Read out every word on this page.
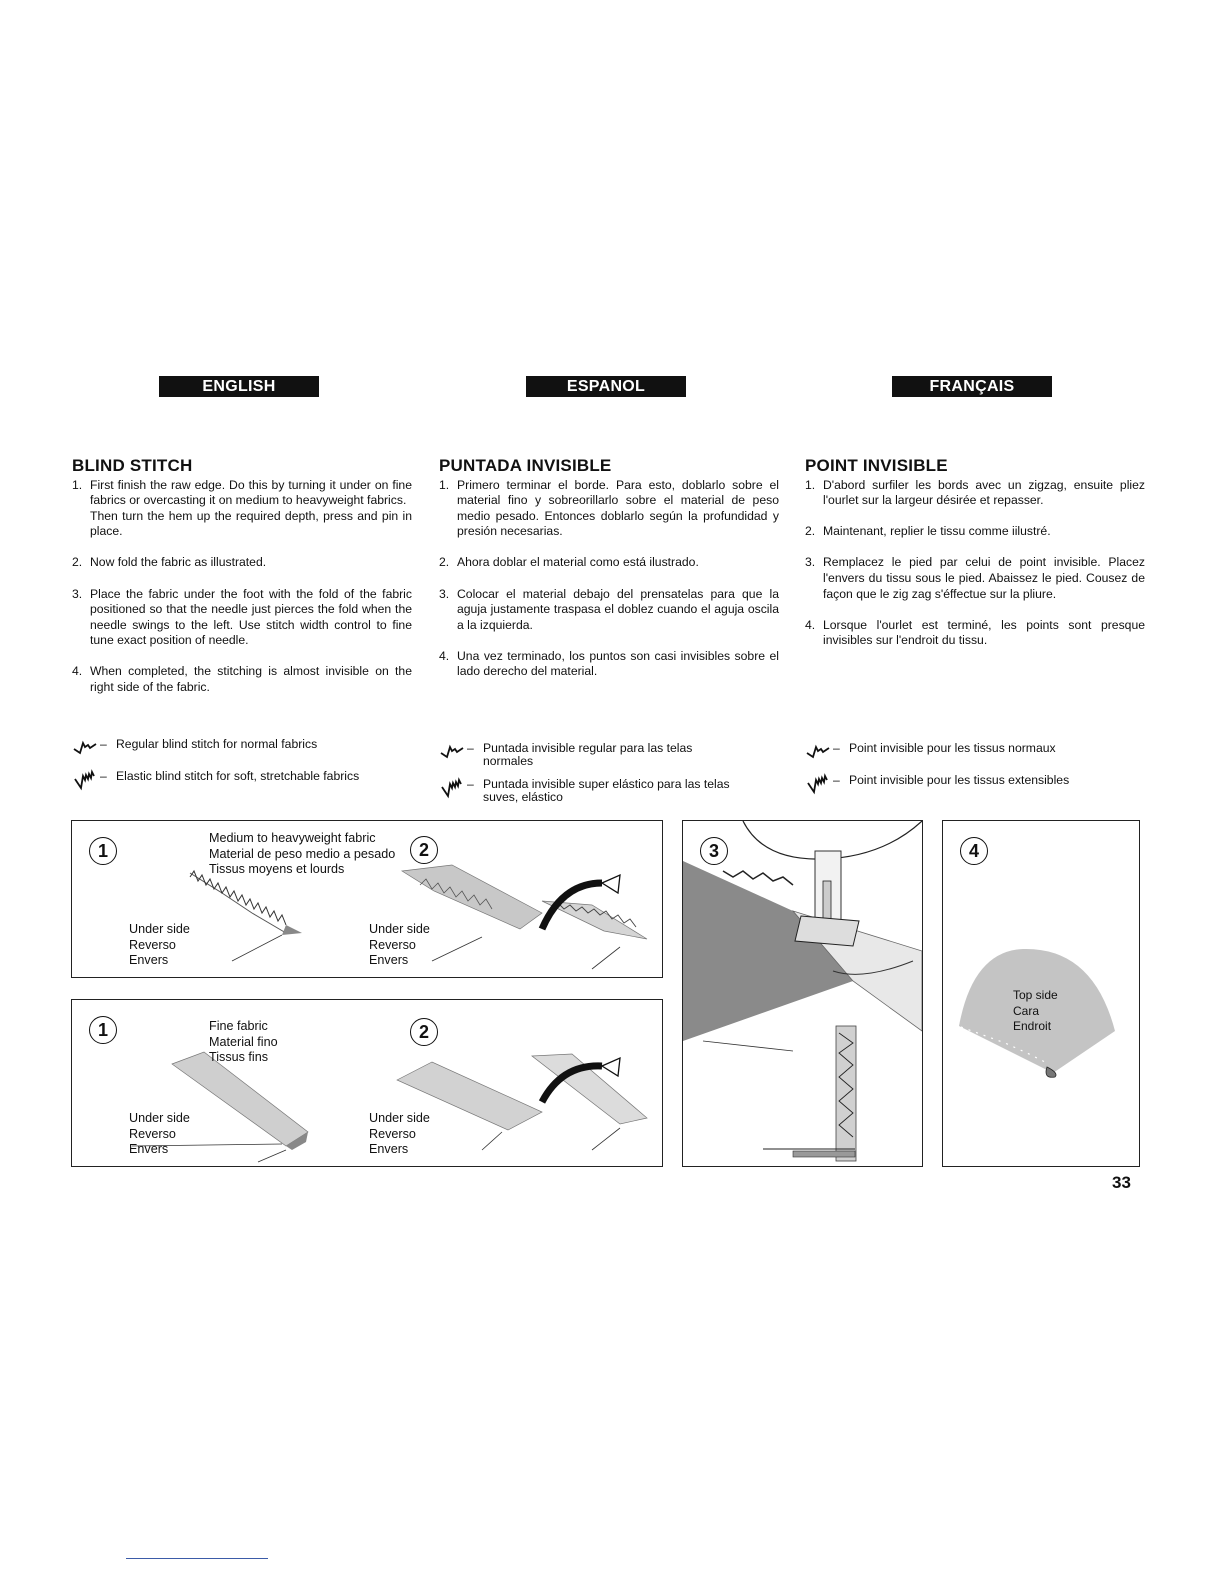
ENGLISH	ESPANOL	FRANÇAIS
BLIND STITCH
1. First finish the raw edge. Do this by turning it under on fine fabrics or overcasting it on medium to heavyweight fabrics.
Then turn the hem up the required depth, press and pin in place.
2. Now fold the fabric as illustrated.
3. Place the fabric under the foot with the fold of the fabric positioned so that the needle just pierces the fold when the needle swings to the left. Use stitch width control to fine tune exact position of needle.
4. When completed, the stitching is almost invisible on the right side of the fabric.
PUNTADA INVISIBLE
1. Primero terminar el borde. Para esto, doblarlo sobre el material fino y sobreorillarlo sobre el material de peso medio pesado. Entonces doblarlo según la profundidad y presión necesarias.
2. Ahora doblar el material como está ilustrado.
3. Colocar el material debajo del prensatelas para que la aguja justamente traspasa el doblez cuando el aguja oscila a la izquierda.
4. Una vez terminado, los puntos son casi invisibles sobre el lado derecho del material.
POINT INVISIBLE
1. D'abord surfiler les bords avec un zigzag, ensuite pliez l'ourlet sur la largeur désirée et repasser.
2. Maintenant, replier le tissu comme iilustré.
3. Remplacez le pied par celui de point invisible. Placez l'envers du tissu sous le pied. Abaissez le pied. Cousez de façon que le zig zag s'éffectue sur la pliure.
4. Lorsque l'ourlet est terminé, les points sont presque invisibles sur l'endroit du tissu.
– Regular blind stitch for normal fabrics
– Elastic blind stitch for soft, stretchable fabrics
– Puntada invisible regular para las telas normales
– Puntada invisible super elástico para las telas suves, elástico
– Point invisible pour les tissus normaux
– Point invisible pour les tissus extensibles
1	2
Medium to heavyweight fabric
Material de peso medio a pesado
Tissus moyens et lourds
Under side
Reverso
Envers
Under side
Reverso
Envers
1	2
Fine fabric
Material fino
Tissus fins
Under side
Reverso
Envers
Under side
Reverso
Envers
3	4
Top side
Cara
Endroit
33
